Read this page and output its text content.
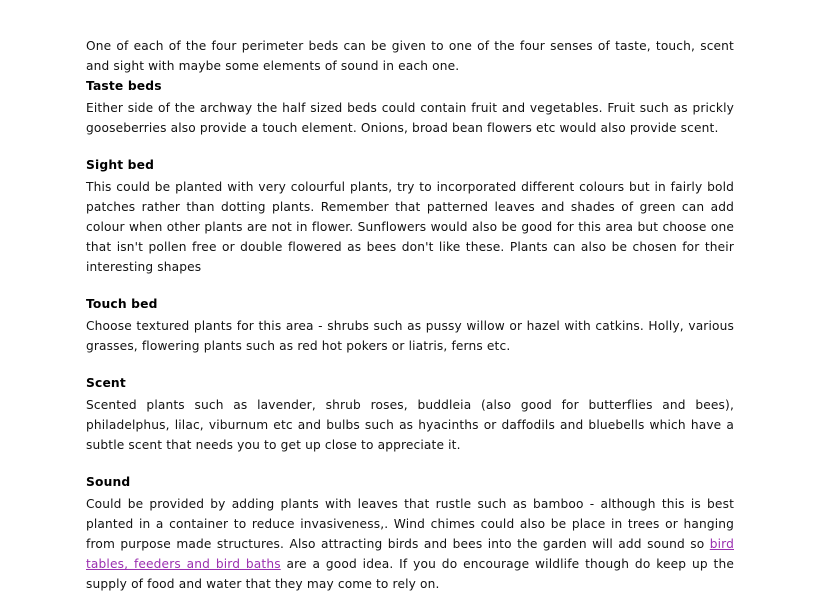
One of each of the four perimeter beds can be given to one of the four senses of taste, touch, scent and sight with maybe some elements of sound in each one.

Taste beds

Either side of the archway the half sized beds could contain fruit and vegetables. Fruit such as prickly gooseberries also provide a touch element. Onions, broad bean flowers etc would also provide scent.

Sight bed

This could be planted with very colourful plants, try to incorporated different colours but in fairly bold patches rather than dotting plants. Remember that patterned leaves and shades of green can add colour when other plants are not in flower. Sunflowers would also be good for this area but choose one that isn't pollen free or double flowered as bees don't like these. Plants can also be chosen for their interesting shapes

Touch bed

Choose textured plants for this area - shrubs such as pussy willow or hazel with catkins. Holly, various grasses, flowering plants such as red hot pokers or liatris, ferns etc.

Scent

Scented plants such as lavender, shrub roses, buddleia (also good for butterflies and bees), philadelphus, lilac, viburnum etc and bulbs such as hyacinths or daffodils and bluebells which have a subtle scent that needs you to get up close to appreciate it.

Sound

Could be provided by adding plants with leaves that rustle such as bamboo - although this is best planted in a container to reduce invasiveness,. Wind chimes could also be place in trees or hanging from purpose made structures. Also attracting birds and bees into the garden will add sound so bird tables, feeders and bird baths are a good idea. If you do encourage wildlife though do keep up the supply of food and water that they may come to rely on.
